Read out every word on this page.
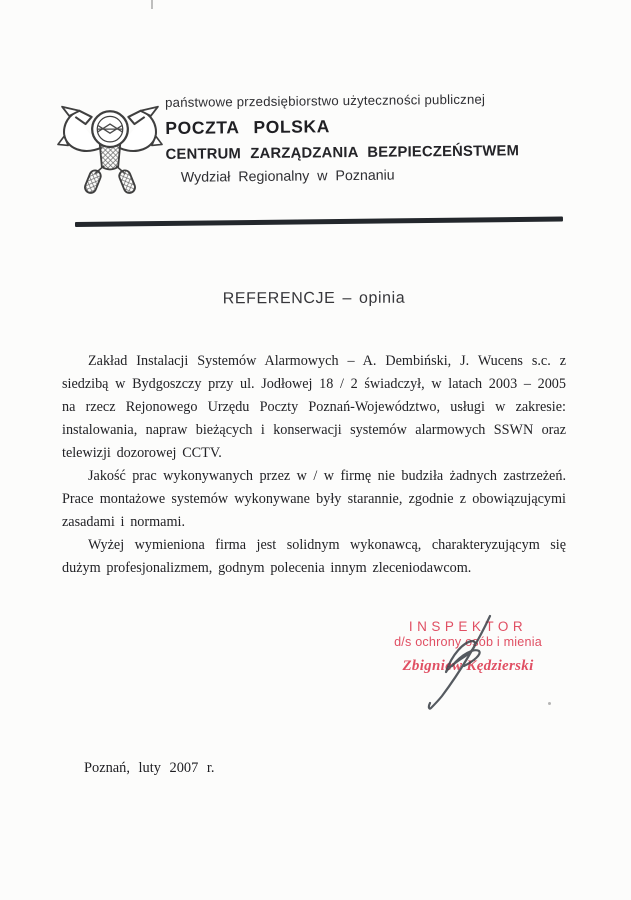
państwowe przedsiębiorstwo użyteczności publicznej
POCZTA POLSKA
CENTRUM ZARZĄDZANIA BEZPIECZEŃSTWEM
Wydział Regionalny w Poznaniu
REFERENCJE – opinia

Zakład Instalacji Systemów Alarmowych – A. Dembiński, J. Wucens s.c. z siedzibą w Bydgoszczy przy ul. Jodłowej 18 / 2 świadczył, w latach 2003 – 2005 na rzecz Rejonowego Urzędu Poczty Poznań-Województwo, usługi w zakresie: instalowania, napraw bieżących i konserwacji systemów alarmowych SSWN oraz telewizji dozorowej CCTV.

Jakość prac wykonywanych przez w / w firmę nie budziła żadnych zastrzeżeń. Prace montażowe systemów wykonywane były starannie, zgodnie z obowiązującymi zasadami i normami.

Wyżej wymieniona firma jest solidnym wykonawcą, charakteryzującym się dużym profesjonalizmem, godnym polecenia innym zleceniodawcom.

INSPEKTOR
d/s ochrony osób i mienia
Zbigniew Kędzierski
Poznań, luty 2007 r.
